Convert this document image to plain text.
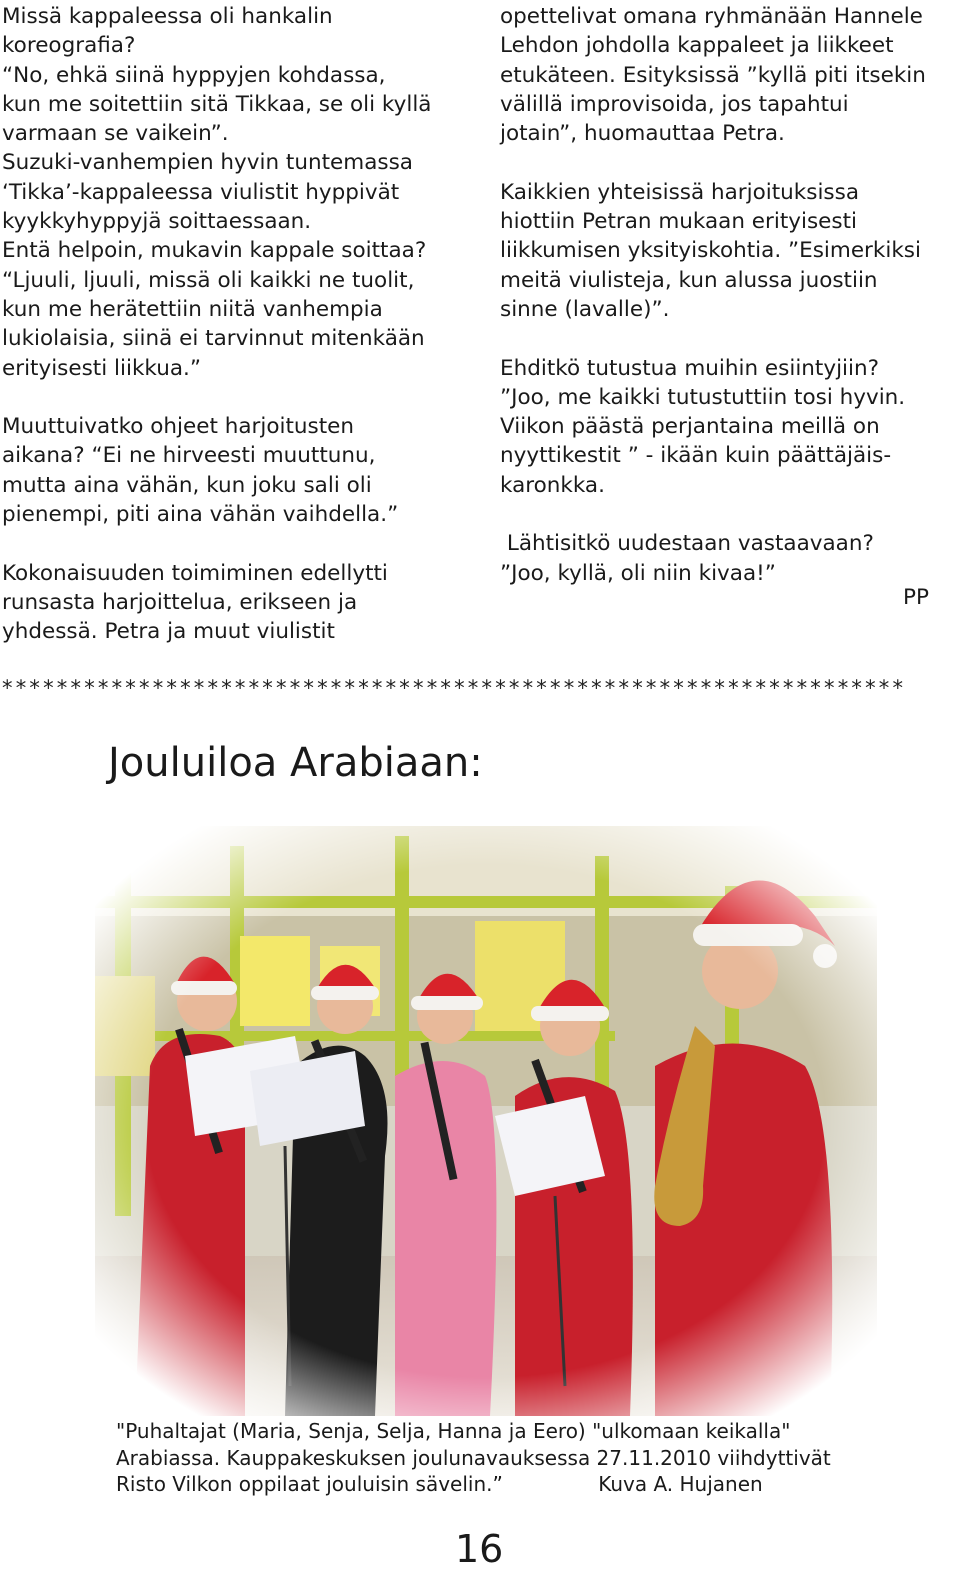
Missä kappaleessa oli hankalin

koreografia?

“No, ehkä siinä hyppyjen kohdassa,

kun me soitettiin sitä Tikkaa, se oli kyllä

varmaan se vaikein”.

Suzuki-vanhempien hyvin tuntemassa

‘Tikka’-kappaleessa viulistit hyppivät

kyykkyhyppyjä soittaessaan.

Entä helpoin, mukavin kappale soittaa?

“Ljuuli, ljuuli, missä oli kaikki ne tuolit,

kun me herätettiin niitä vanhempia

lukiolaisia, siinä ei tarvinnut mitenkään

erityisesti liikkua.”

Muuttuivatko ohjeet harjoitusten

aikana? “Ei ne hirveesti muuttunu,

mutta aina vähän, kun joku sali oli

pienempi, piti aina vähän vaihdella.”

Kokonaisuuden toimiminen edellytti

runsasta harjoittelua, erikseen ja

yhdessä. Petra ja muut viulistit

opettelivat omana ryhmänään Hannele

Lehdon johdolla kappaleet ja liikkeet

etukäteen. Esityksissä ”kyllä piti itsekin

välillä improvisoida, jos tapahtui

jotain”, huomauttaa Petra.

Kaikkien yhteisissä harjoituksissa

hiottiin Petran mukaan erityisesti

liikkumisen yksityiskohtia. ”Esimerkiksi

meitä viulisteja, kun alussa juostiin

sinne (lavalle)”.

Ehditkö tutustua muihin esiintyjiin?

”Joo, me kaikki tutustuttiin tosi hyvin.

Viikon päästä perjantaina meillä on

nyyttikestit ” - ikään kuin päättäjäis-

karonkka.

Lähtisitkö uudestaan vastaavaan?

”Joo, kyllä, oli niin kivaa!”

PP
******************************************************************
Jouluiloa Arabiaan:

"Puhaltajat (Maria, Senja, Selja, Hanna ja Eero) "ulkomaan keikalla"

Arabiassa. Kauppakeskuksen joulunavauksessa 27.11.2010 viihdyttivät

Risto Vilkon oppilaat jouluisin sävelin.”               Kuva A. Hujanen

16
